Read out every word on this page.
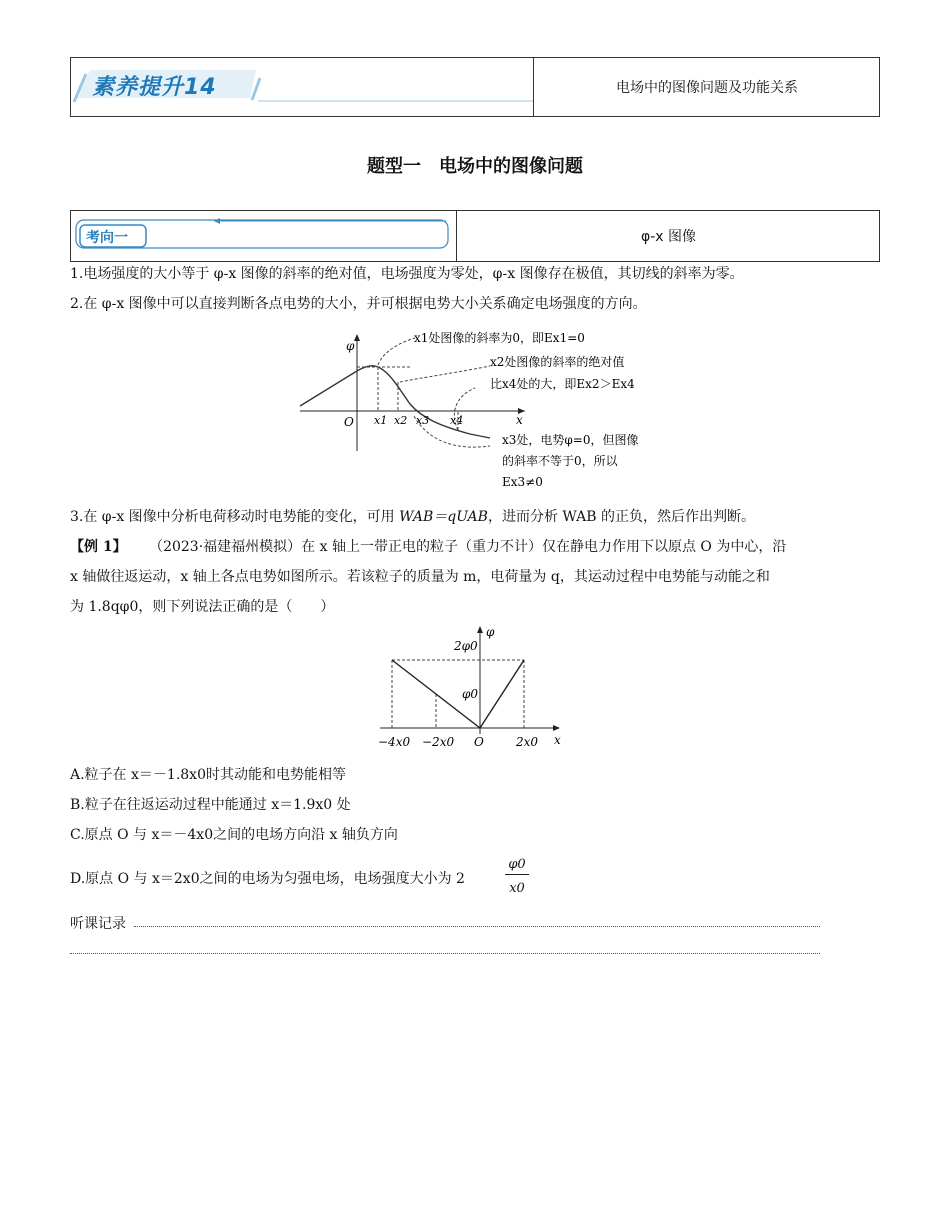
电场中的图像问题及功能关系
素养提升14
题型一　电场中的图像问题
考向一	φ-x 图像
1.电场强度的大小等于 φ-x 图像的斜率的绝对值，电场强度为零处，φ-x 图像存在极值，其切线的斜率为零。
2.在 φ-x 图像中可以直接判断各点电势的大小，并可根据电势大小关系确定电场强度的方向。
φ
x
O x1 x2 x3 x4
x1处图像的斜率为0，即Ex1=0
x2处图像的斜率的绝对值
比x4处的大，即Ex2＞Ex4
x3处，电势φ=0，但图像
的斜率不等于0，所以
Ex3≠0
3.在 φ-x 图像中分析电荷移动时电势能的变化，可用 WAB＝qUAB，进而分析 WAB 的正负，然后作出判断。
【例 1】 （2023·福建福州模拟）在 x 轴上一带正电的粒子（重力不计）仅在静电力作用下以原点 O 为中心，沿
x 轴做往返运动，x 轴上各点电势如图所示。若该粒子的质量为 m，电荷量为 q，其运动过程中电势能与动能之和
为 1.8qφ0，则下列说法正确的是（　　）
φ
x
O
2φ0
φ0
−4x0 −2x0	2x0
A.粒子在 x＝－1.8x0时其动能和电势能相等
B.粒子在往返运动过程中能通过 x＝1.9x0 处
C.原点 O 与 x＝－4x0之间的电场方向沿 x 轴负方向
D.原点 O 与 x＝2x0之间的电场为匀强电场，电场强度大小为 2
φ0
x0
听课记录
